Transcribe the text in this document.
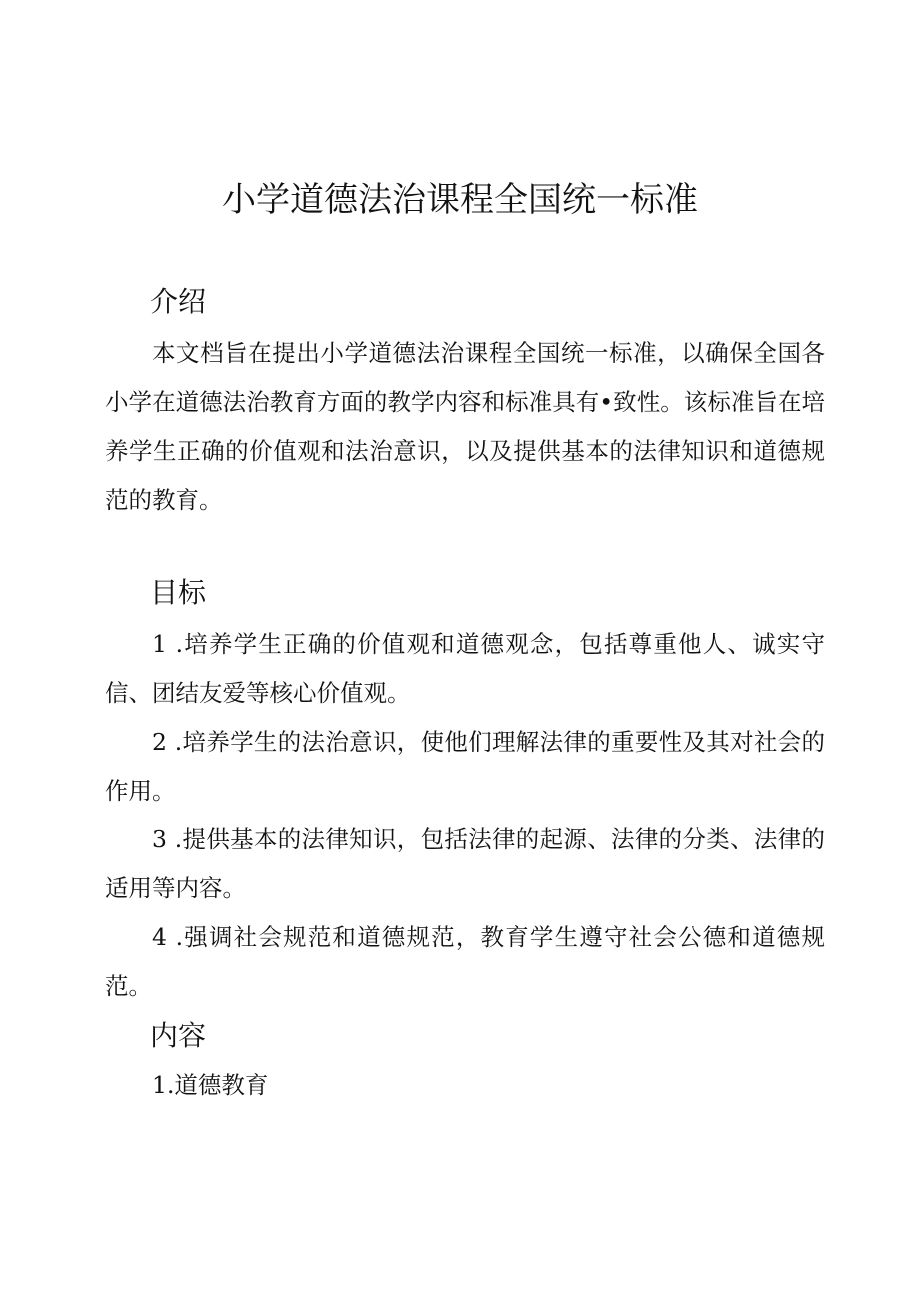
小学道德法治课程全国统一标准
介绍

本文档旨在提出小学道德法治课程全国统一标准，以确保全国各小学在道德法治教育方面的教学内容和标准具有•致性。该标准旨在培养学生正确的价值观和法治意识，以及提供基本的法律知识和道德规范的教育。

目标

1 .培养学生正确的价值观和道德观念，包括尊重他人、诚实守信、团结友爱等核心价值观。

2 .培养学生的法治意识，使他们理解法律的重要性及其对社会的作用。

3 .提供基本的法律知识，包括法律的起源、法律的分类、法律的适用等内容。

4 .强调社会规范和道德规范，教育学生遵守社会公德和道德规范。

内容

1.道德教育
